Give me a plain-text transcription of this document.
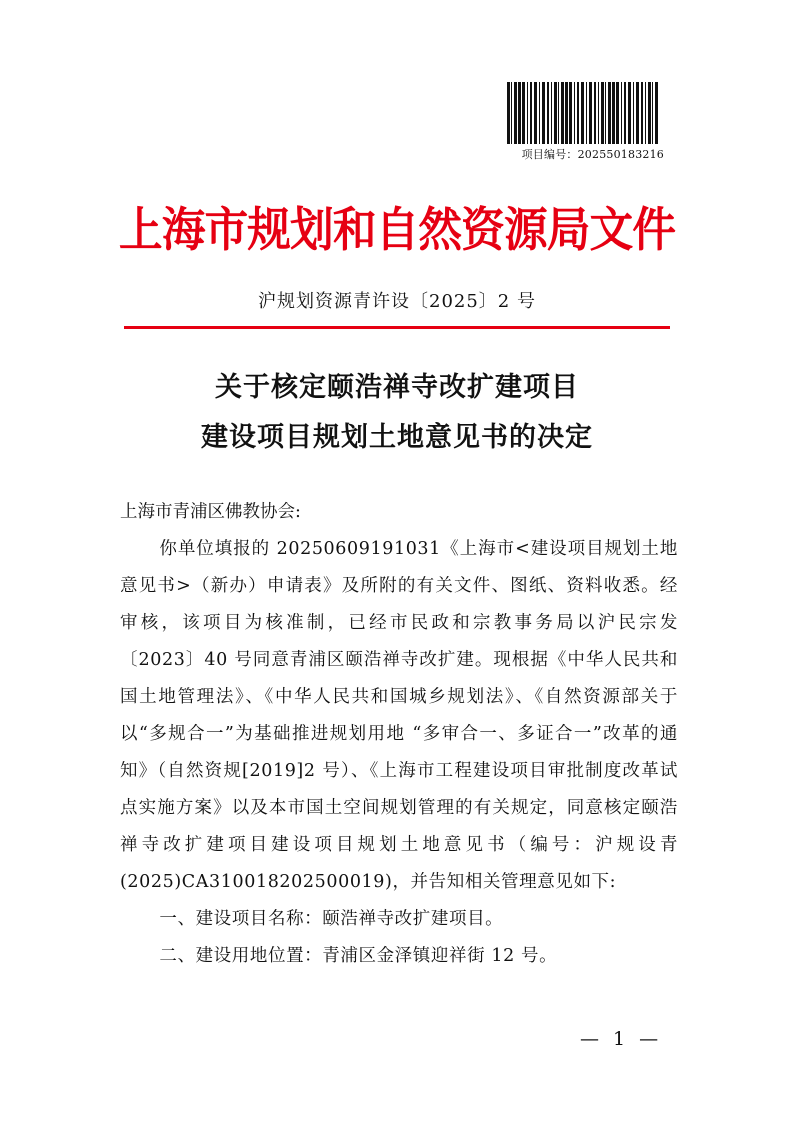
项目编号：202550183216
上海市规划和自然资源局文件
沪规划资源青许设〔2025〕2 号
关于核定颐浩禅寺改扩建项目
建设项目规划土地意见书的决定

上海市青浦区佛教协会:

你单位填报的 20250609191031《上海市<建设项目规划土地意见书>（新办）申请表》及所附的有关文件、图纸、资料收悉。经审核，该项目为核准制，已经市民政和宗教事务局以沪民宗发〔2023〕40 号同意青浦区颐浩禅寺改扩建。现根据《中华人民共和国土地管理法》、《中华人民共和国城乡规划法》、《自然资源部关于以“多规合一”为基础推进规划用地 “多审合一、多证合一”改革的通知》（自然资规[2019]2 号）、《上海市工程建设项目审批制度改革试点实施方案》以及本市国土空间规划管理的有关规定，同意核定颐浩禅寺改扩建项目建设项目规划土地意见书（编号：沪规设青(2025)CA310018202500019)，并告知相关管理意见如下:

一、建设项目名称：颐浩禅寺改扩建项目。

二、建设用地位置：青浦区金泽镇迎祥街 12 号。

— 1 —
